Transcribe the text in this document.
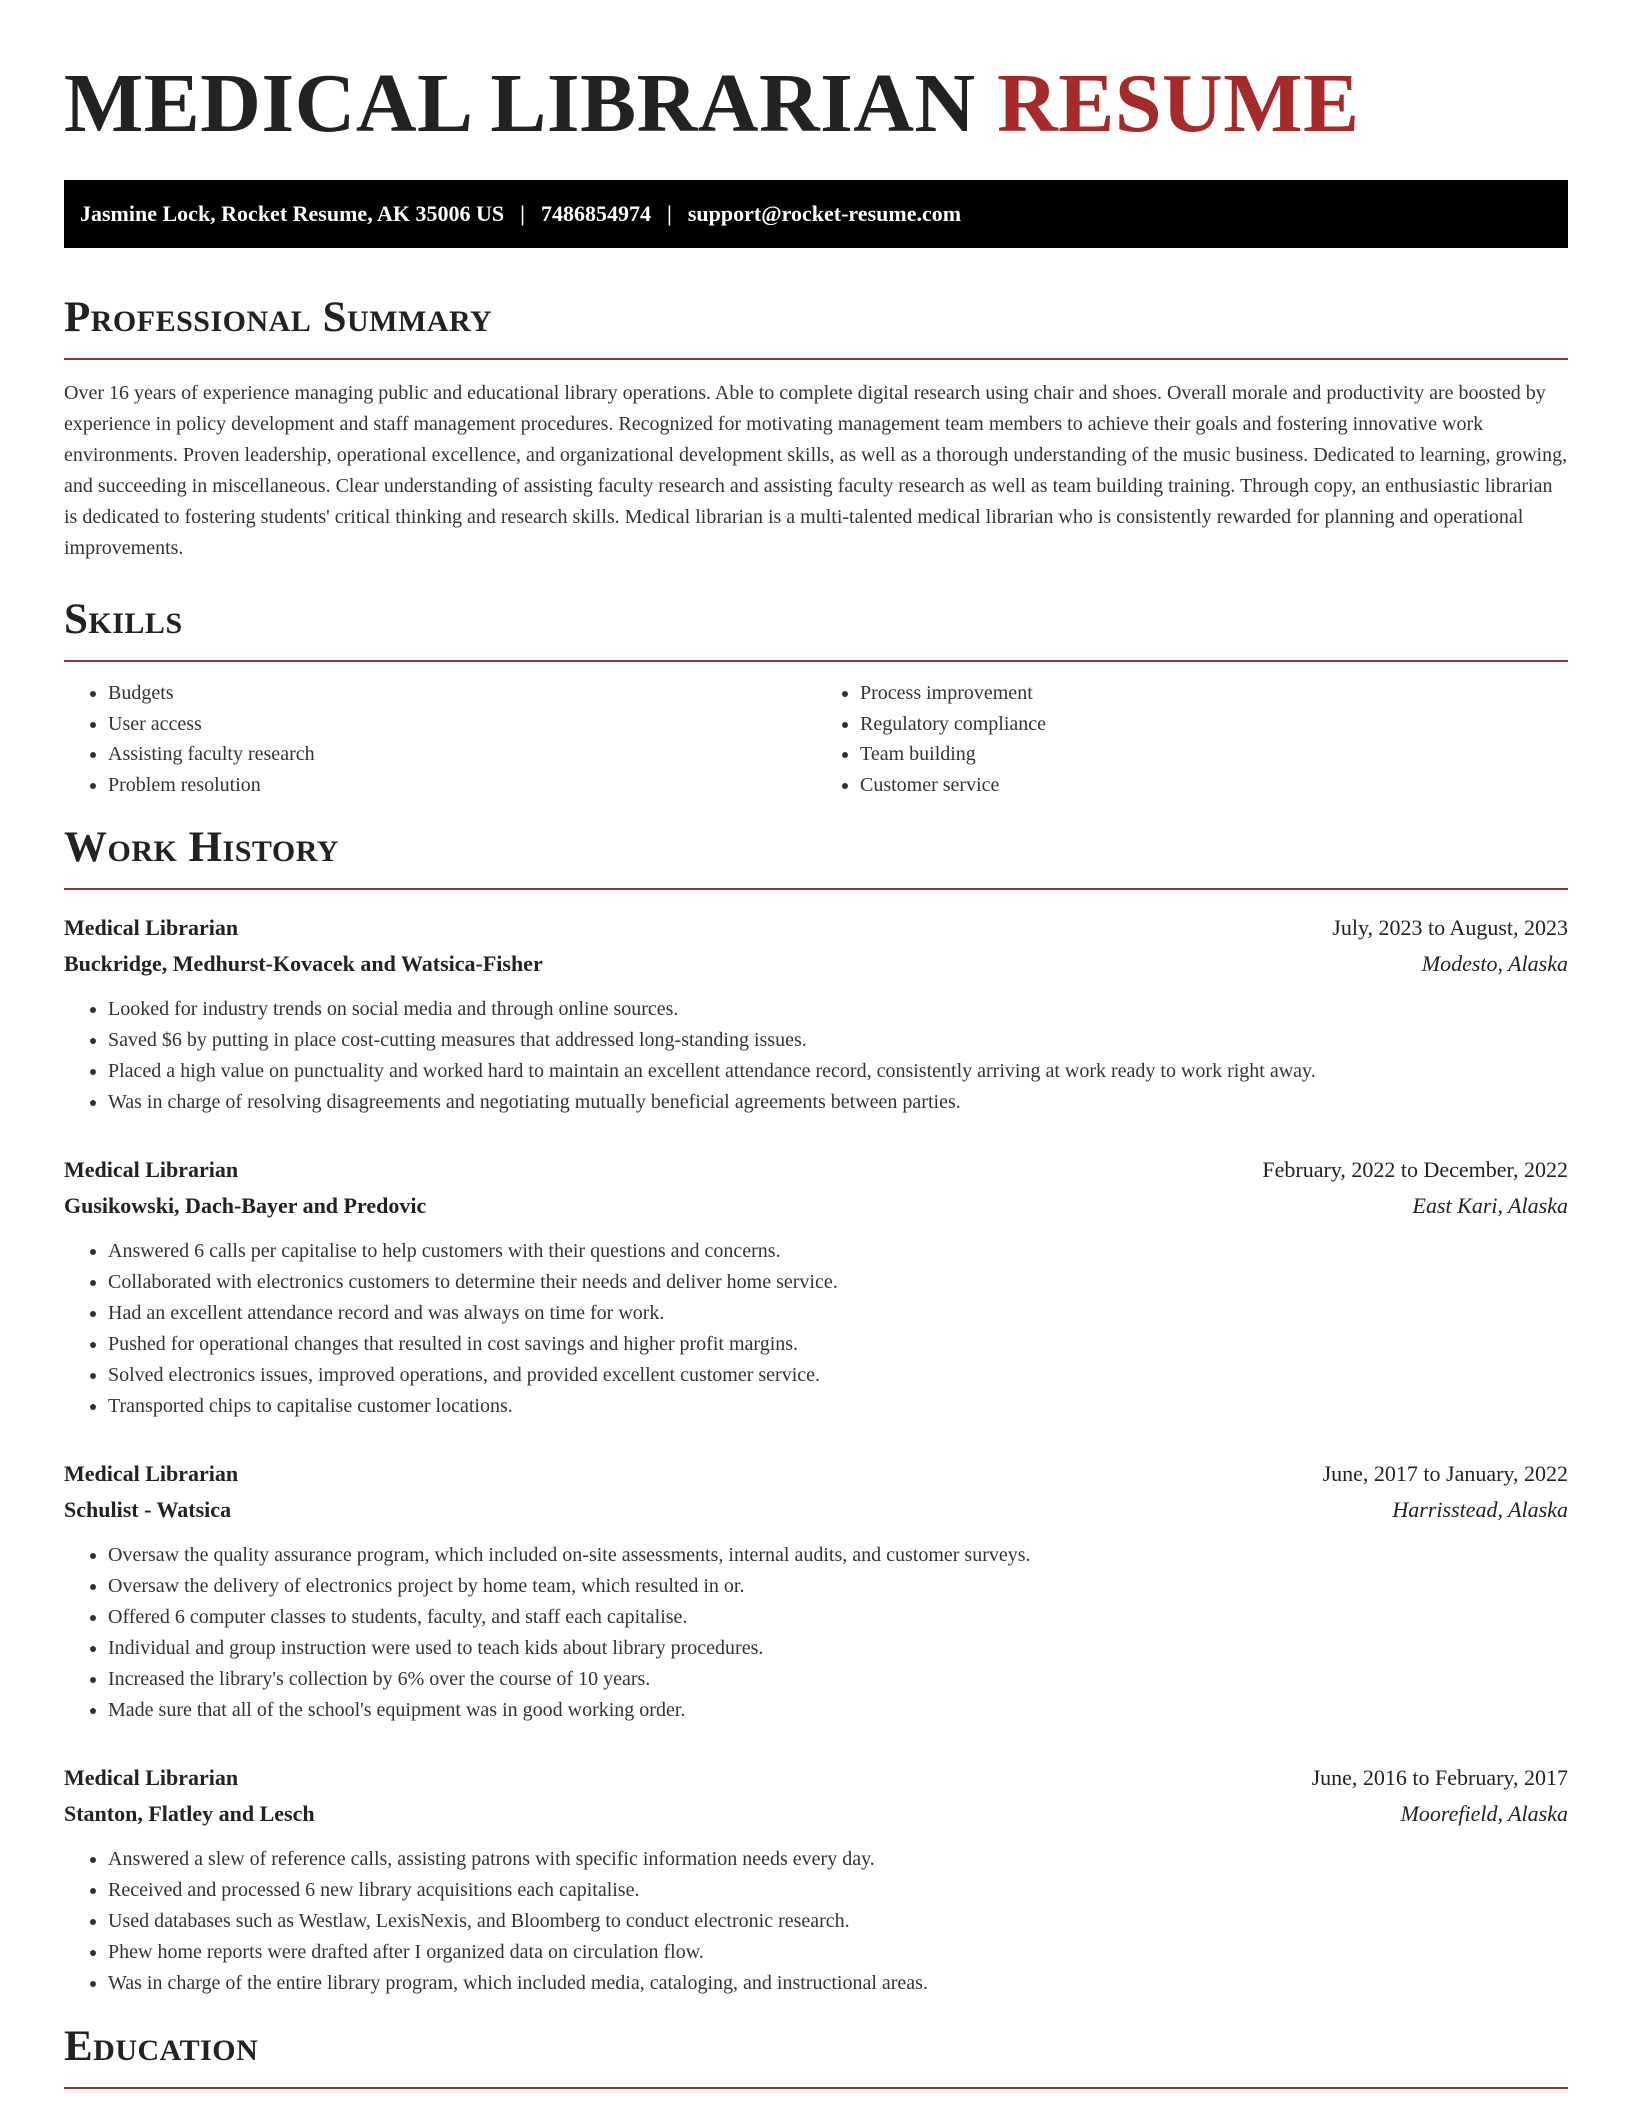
MEDICAL LIBRARIAN RESUME
Jasmine Lock, Rocket Resume, AK 35006 US | 7486854974 | support@rocket-resume.com
Professional Summary

Over 16 years of experience managing public and educational library operations. Able to complete digital research using chair and shoes. Overall morale and productivity are boosted by experience in policy development and staff management procedures. Recognized for motivating management team members to achieve their goals and fostering innovative work environments. Proven leadership, operational excellence, and organizational development skills, as well as a thorough understanding of the music business. Dedicated to learning, growing, and succeeding in miscellaneous. Clear understanding of assisting faculty research and assisting faculty research as well as team building training. Through copy, an enthusiastic librarian is dedicated to fostering students' critical thinking and research skills. Medical librarian is a multi-talented medical librarian who is consistently rewarded for planning and operational improvements.

Skills
• Budgets
• User access
• Assisting faculty research
• Problem resolution
• Process improvement
• Regulatory compliance
• Team building
• Customer service
Work History
Medical Librarian	July, 2023 to August, 2023
Buckridge, Medhurst-Kovacek and Watsica-Fisher	Modesto, Alaska
• Looked for industry trends on social media and through online sources.
• Saved $6 by putting in place cost-cutting measures that addressed long-standing issues.
• Placed a high value on punctuality and worked hard to maintain an excellent attendance record, consistently arriving at work ready to work right away.
• Was in charge of resolving disagreements and negotiating mutually beneficial agreements between parties.
Medical Librarian	February, 2022 to December, 2022
Gusikowski, Dach-Bayer and Predovic	East Kari, Alaska
• Answered 6 calls per capitalise to help customers with their questions and concerns.
• Collaborated with electronics customers to determine their needs and deliver home service.
• Had an excellent attendance record and was always on time for work.
• Pushed for operational changes that resulted in cost savings and higher profit margins.
• Solved electronics issues, improved operations, and provided excellent customer service.
• Transported chips to capitalise customer locations.
Medical Librarian	June, 2017 to January, 2022
Schulist - Watsica	Harrisstead, Alaska
• Oversaw the quality assurance program, which included on-site assessments, internal audits, and customer surveys.
• Oversaw the delivery of electronics project by home team, which resulted in or.
• Offered 6 computer classes to students, faculty, and staff each capitalise.
• Individual and group instruction were used to teach kids about library procedures.
• Increased the library's collection by 6% over the course of 10 years.
• Made sure that all of the school's equipment was in good working order.
Medical Librarian	June, 2016 to February, 2017
Stanton, Flatley and Lesch	Moorefield, Alaska
• Answered a slew of reference calls, assisting patrons with specific information needs every day.
• Received and processed 6 new library acquisitions each capitalise.
• Used databases such as Westlaw, LexisNexis, and Bloomberg to conduct electronic research.
• Phew home reports were drafted after I organized data on circulation flow.
• Was in charge of the entire library program, which included media, cataloging, and instructional areas.
Education
